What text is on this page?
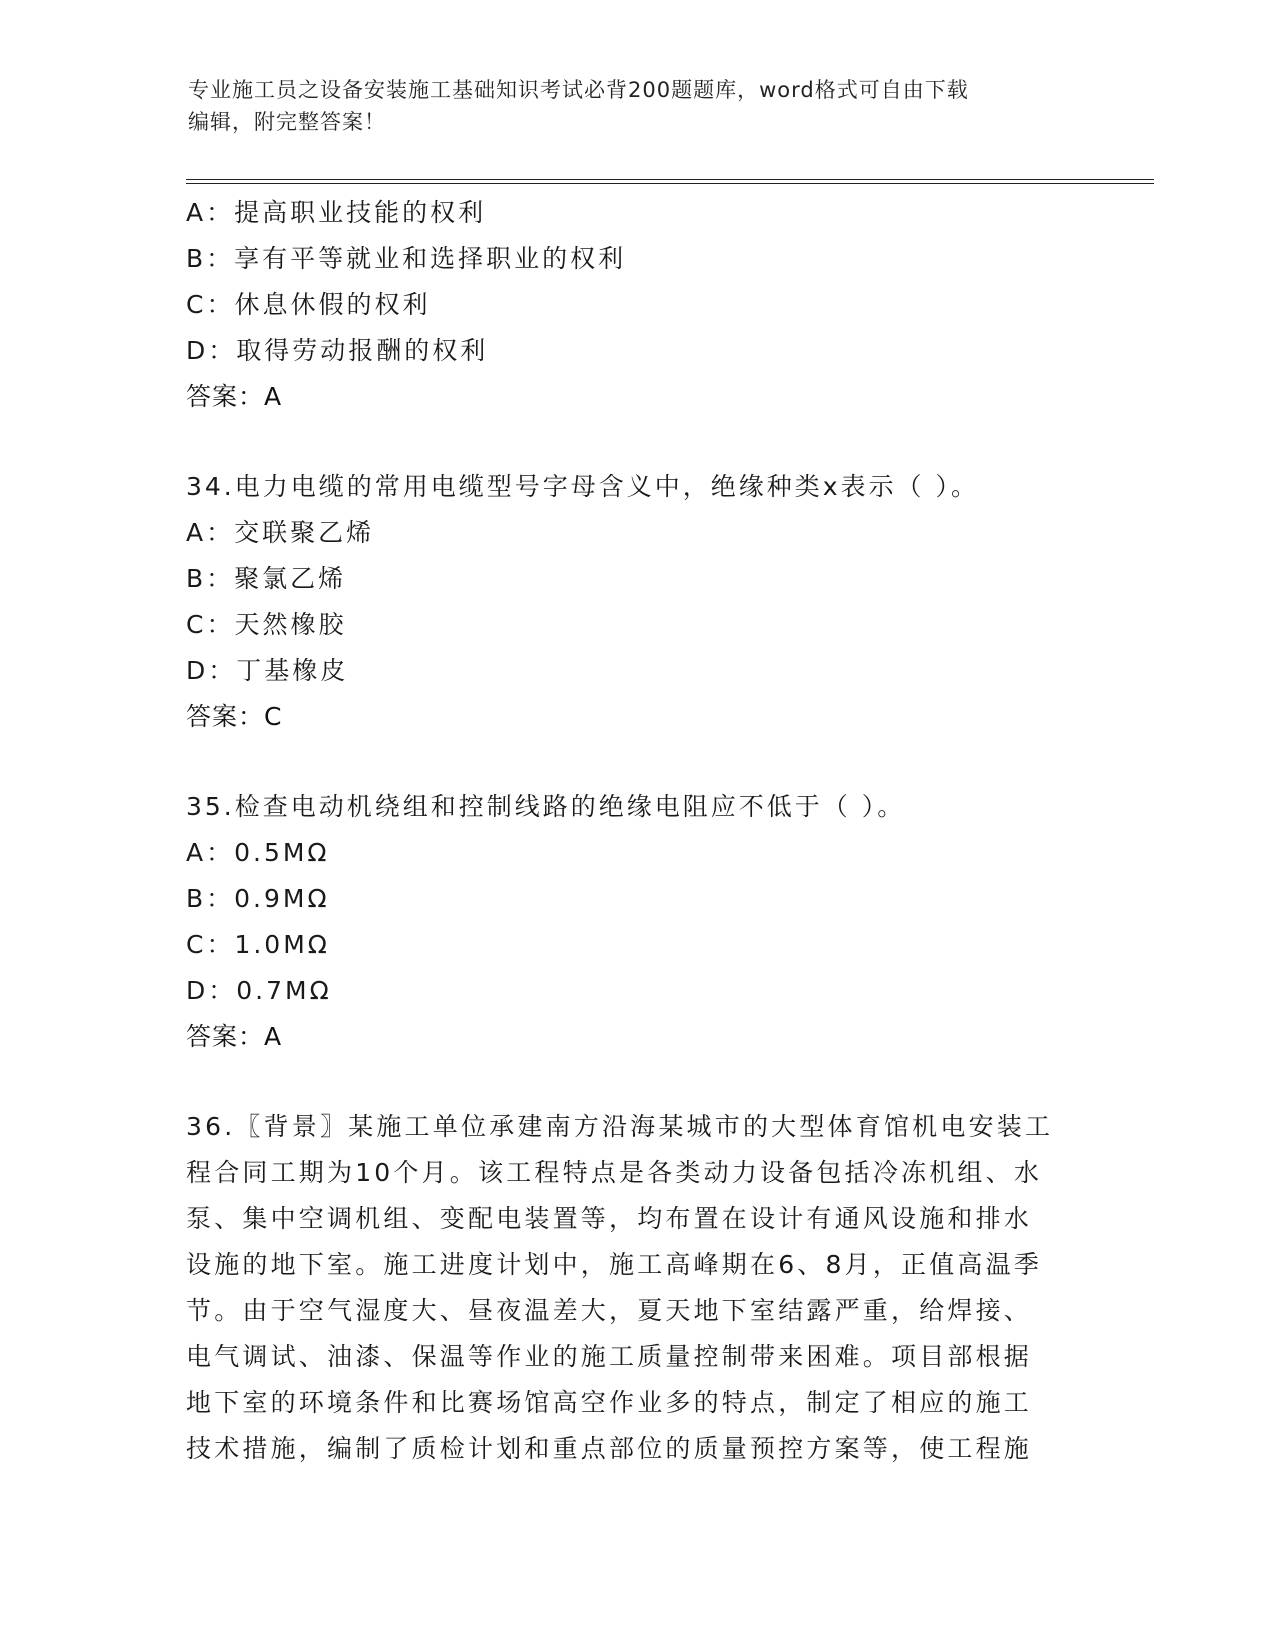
专业施工员之设备安装施工基础知识考试必背200题题库，word格式可自由下载
编辑，附完整答案！
A：提高职业技能的权利
B：享有平等就业和选择职业的权利
C：休息休假的权利
D：取得劳动报酬的权利
答案：A
34.电力电缆的常用电缆型号字母含义中，绝缘种类x表示（ ）。
A：交联聚乙烯
B：聚氯乙烯
C：天然橡胶
D：丁基橡皮
答案：C
35.检查电动机绕组和控制线路的绝缘电阻应不低于（ ）。
A：0.5MΩ
B：0.9MΩ
C：1.0MΩ
D：0.7MΩ
答案：A
36.〖背景〗某施工单位承建南方沿海某城市的大型体育馆机电安装工
程合同工期为10个月。该工程特点是各类动力设备包括冷冻机组、水
泵、集中空调机组、变配电装置等，均布置在设计有通风设施和排水
设施的地下室。施工进度计划中，施工高峰期在6、8月，正值高温季
节。由于空气湿度大、昼夜温差大，夏天地下室结露严重，给焊接、
电气调试、油漆、保温等作业的施工质量控制带来困难。项目部根据
地下室的环境条件和比赛场馆高空作业多的特点，制定了相应的施工
技术措施，编制了质检计划和重点部位的质量预控方案等，使工程施
